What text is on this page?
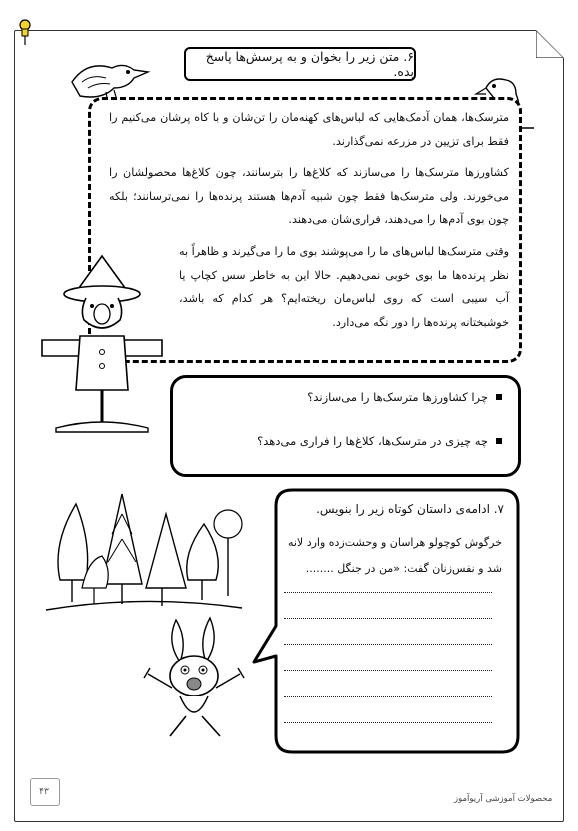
۶. متن زیر را بخوان و به پرسش‌ها پاسخ بده.

مترسک‌ها، همان آدمک‌هایی که لباس‌های کهنه‌مان را تن‌شان و با کاه پرشان می‌کنیم را فقط برای تزیین در مزرعه نمی‌گذارند.

کشاورزها مترسک‌ها را می‌سازند که کلاغ‌ها را بترسانند، چون کلاغ‌ها محصولشان را می‌خورند. ولی مترسک‌ها فقط چون شبیه آدم‌ها هستند پرنده‌ها را نمی‌ترسانند؛ بلکه چون بوی آدم‌ها را می‌دهند، فراری‌شان می‌دهند.

وقتی مترسک‌ها لباس‌های ما را می‌پوشند بوی ما را می‌گیرند و ظاهراً به نظر پرنده‌ها ما بوی خوبی نمی‌دهیم. حالا این به خاطر سس کچاپ یا آب سیبی است که روی لباس‌مان ریخته‌ایم؟ هر کدام که باشد، خوشبختانه پرنده‌ها را دور نگه می‌دارد.

چرا کشاورزها مترسک‌ها را می‌سازند؟
چه چیزی در مترسک‌ها، کلاغ‌ها را فراری می‌دهد؟
۷. ادامه‌ی داستان کوتاه زیر را بنویس.
خرگوش کوچولو هراسان و وحشت‌زده وارد لانه
شد و نفس‌زنان گفت: «من در جنگل ........
۴۳
محصولات آموزشی آریوآموز
